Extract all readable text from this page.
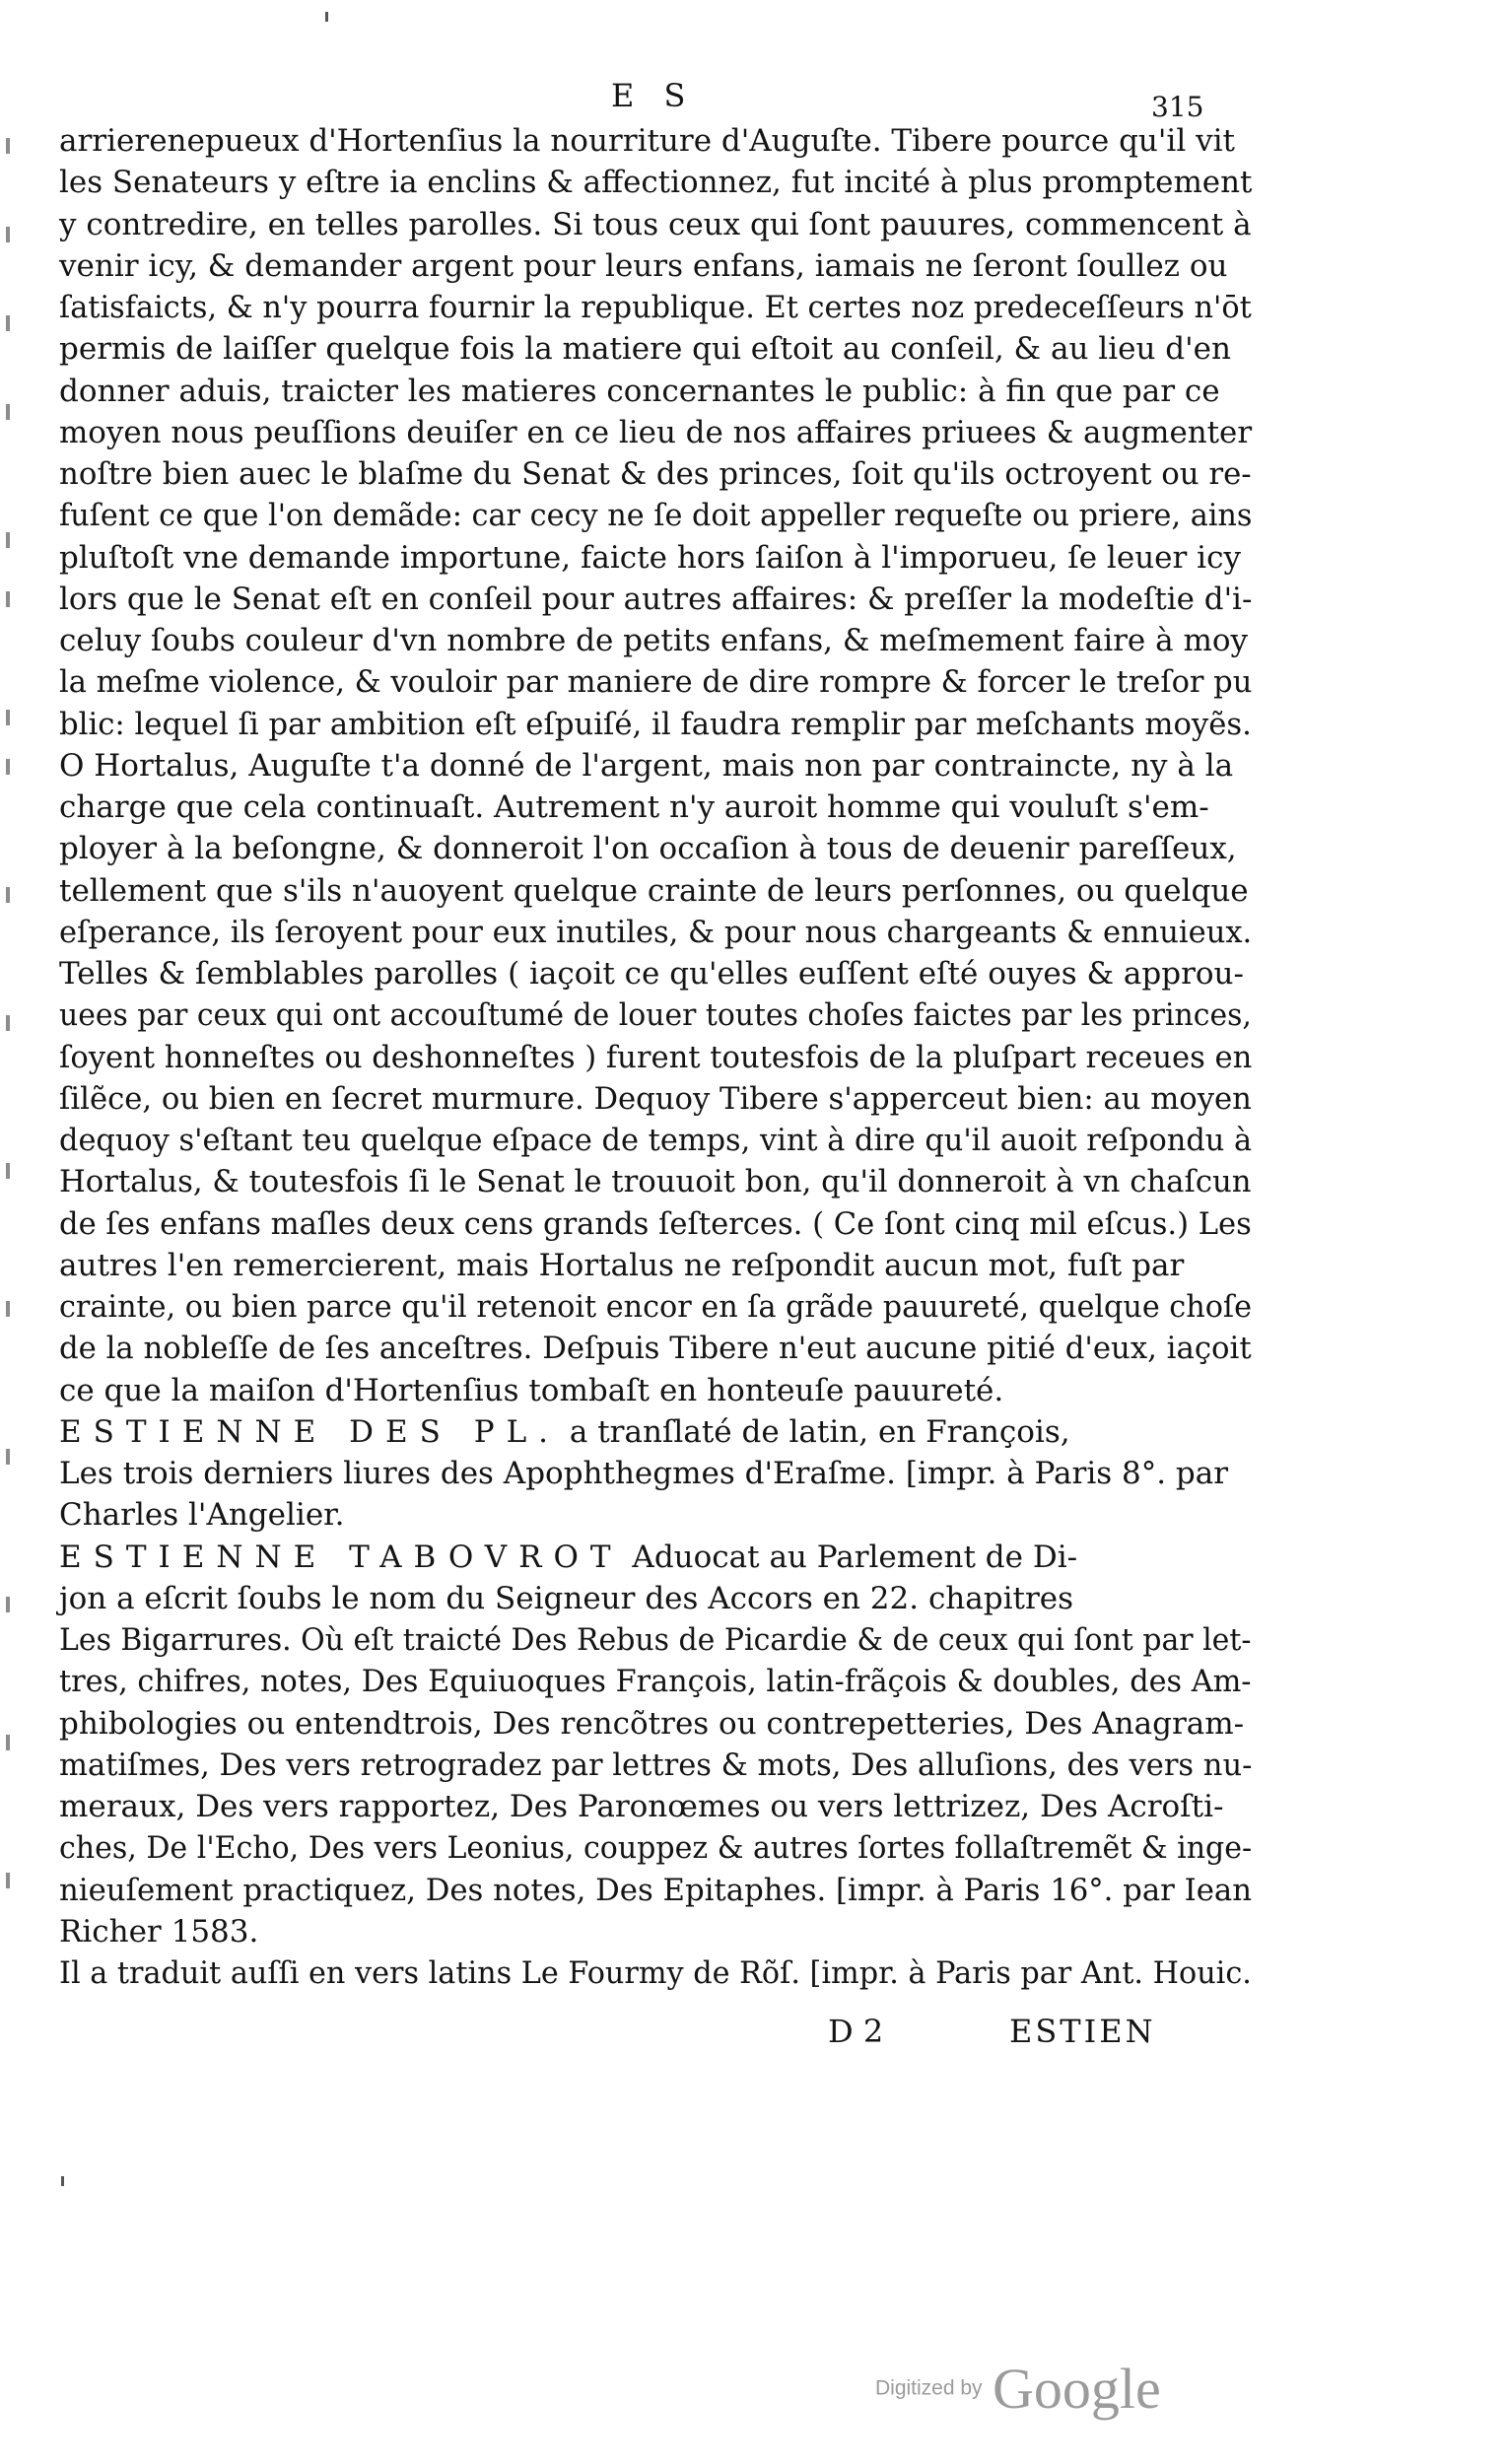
E S	315
arrierenepueux d'Hortenſius la nourriture d'Auguſte. Tibere pource qu'il vit
les Senateurs y eſtre ia enclins & affectionnez, fut incité à plus promptement
y contredire, en telles parolles. Si tous ceux qui ſont pauures, commencent à
venir icy, & demander argent pour leurs enfans, iamais ne ſeront ſoullez ou
ſatisfaicts, & n'y pourra fournir la republique. Et certes noz predeceſſeurs n'ōt
permis de laiſſer quelque fois la matiere qui eſtoit au conſeil, & au lieu d'en
donner aduis, traicter les matieres concernantes le public: à fin que par ce
moyen nous peuſſions deuiſer en ce lieu de nos affaires priuees & augmenter
noſtre bien auec le blaſme du Senat & des princes, ſoit qu'ils octroyent ou re-
fuſent ce que l'on demãde: car cecy ne ſe doit appeller requeſte ou priere, ains
pluſtoſt vne demande importune, faicte hors ſaiſon à l'imporueu, ſe leuer icy
lors que le Senat eſt en conſeil pour autres affaires: & preſſer la modeſtie d'i-
celuy ſoubs couleur d'vn nombre de petits enfans, & meſmement faire à moy
la meſme violence, & vouloir par maniere de dire rompre & forcer le treſor pu
blic: lequel ſi par ambition eſt eſpuiſé, il faudra remplir par meſchants moyẽs.
O Hortalus, Auguſte t'a donné de l'argent, mais non par contraincte, ny à la
charge que cela continuaſt. Autrement n'y auroit homme qui vouluſt s'em-
ployer à la beſongne, & donneroit l'on occaſion à tous de deuenir pareſſeux,
tellement que s'ils n'auoyent quelque crainte de leurs perſonnes, ou quelque
eſperance, ils ſeroyent pour eux inutiles, & pour nous chargeants & ennuieux.
Telles & ſemblables parolles ( iaçoit ce qu'elles euſſent eſté ouyes & approu-
uees par ceux qui ont accouſtumé de louer toutes choſes faictes par les princes,
ſoyent honneſtes ou deshonneſtes ) furent toutesfois de la pluſpart receues en
ſilẽce, ou bien en ſecret murmure. Dequoy Tibere s'apperceut bien: au moyen
dequoy s'eſtant teu quelque eſpace de temps, vint à dire qu'il auoit reſpondu à
Hortalus, & toutesfois ſi le Senat le trouuoit bon, qu'il donneroit à vn chaſcun
de ſes enfans maſles deux cens grands ſeſterces. ( Ce ſont cinq mil eſcus.) Les
autres l'en remercierent, mais Hortalus ne reſpondit aucun mot, fuſt par
crainte, ou bien parce qu'il retenoit encor en ſa grãde pauureté, quelque choſe
de la nobleſſe de ſes anceſtres. Deſpuis Tibere n'eut aucune pitié d'eux, iaçoit
ce que la maiſon d'Hortenſius tombaſt en honteuſe pauureté.
ESTIENNE DES PL. a tranſlaté de latin, en François,
Les trois derniers liures des Apophthegmes d'Eraſme. [impr. à Paris 8°. par
Charles l'Angelier.
ESTIENNE TABOVROT Aduocat au Parlement de Di-
jon a eſcrit ſoubs le nom du Seigneur des Accors en 22. chapitres
Les Bigarrures. Où eſt traicté Des Rebus de Picardie & de ceux qui ſont par let-
tres, chifres, notes, Des Equiuoques François, latin-frãçois & doubles, des Am-
phibologies ou entendtrois, Des rencõtres ou contrepetteries, Des Anagram-
matiſmes, Des vers retrogradez par lettres & mots, Des alluſions, des vers nu-
meraux, Des vers rapportez, Des Paronœmes ou vers lettrizez, Des Acroſti-
ches, De l'Echo, Des vers Leonius, couppez & autres ſortes follaſtremẽt & inge-
nieuſement practiquez, Des notes, Des Epitaphes. [impr. à Paris 16°. par Iean
Richer 1583.
Il a traduit auſſi en vers latins Le Fourmy de Rõſ. [impr. à Paris par Ant. Houic.
D 2	ESTIEN
Digitized by Google
